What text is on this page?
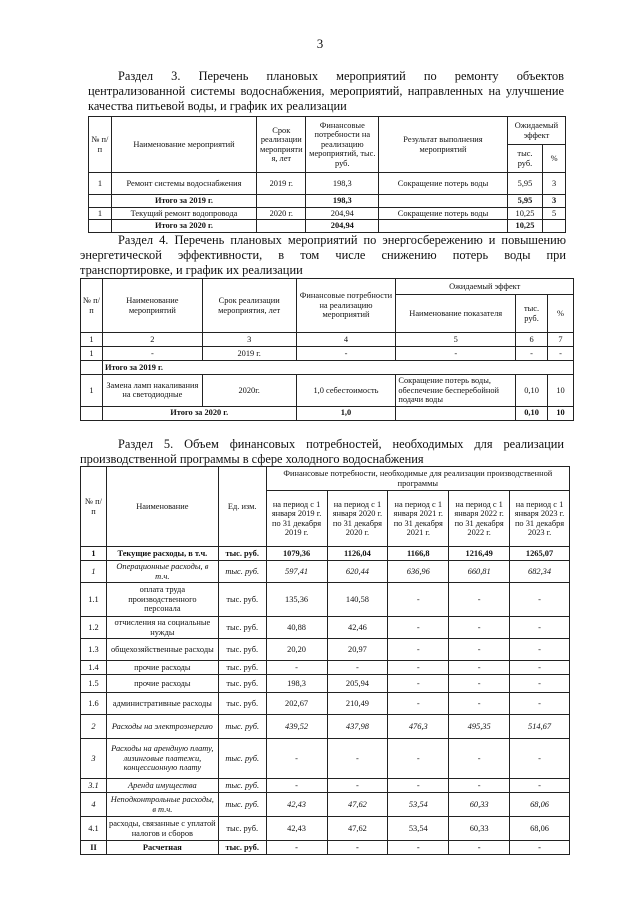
3
Раздел 3. Перечень плановых мероприятий по ремонту объектов
централизованной системы водоснабжения, мероприятий, направленных на улучшение
качества питьевой воды, и график их реализации
№ п/ п	Наименование мероприятий	Срок реализации мероприяти я, лет	Финансовые потребности на реализацию мероприятий, тыс. руб.	Результат выполнения мероприятий	Ожидаемый эффект	
					тыс. руб.	%
1	Ремонт системы водоснабжения	2019 г.	198,3	Сокращение потерь воды	5,95	3
	Итого за 2019 г.		198,3		5,95	3
1	Текущий ремонт водопровода	2020 г.	204,94	Сокращение потерь воды	10,25	5
	Итого за 2020 г.		204,94		10,25	
Раздел 4. Перечень плановых мероприятий по энергосбережению и повышению
энергетической эффективности, в том числе снижению потерь воды при
транспортировке, и график их реализации
№ п/п	Наименование мероприятий	Срок реализации мероприятия, лет	Финансовые потребности на реализацию мероприятий	Ожидаемый эффект		
				Наименование показателя	тыс. руб.	%
1	2	3	4	5	6	7
1	-	2019 г.	-	-	-	-
	Итого за 2019 г.					
1	Замена ламп накаливания на светодиодные	2020г.	1,0 себестоимость	Сокращение потерь воды, обеспечение бесперебойной подачи воды	0,10	10
	Итого за 2020 г.		1,0		0,10	10
Раздел 5. Объем финансовых потребностей, необходимых для реализации
производственной программы в сфере холодного водоснабжения
№ п/п	Наименование	Ед. изм.	Финансовые потребности, необходимые для реализации производственной программы				
			на период с 1 января 2019 г. по 31 декабря 2019 г.	на период с 1 января 2020 г. по 31 декабря 2020 г.	на период с 1 января 2021 г. по 31 декабря 2021 г.	на период с 1 января 2022 г. по 31 декабря 2022 г.	на период с 1 января 2023 г. по 31 декабря 2023 г.
1	Текущие расходы, в т.ч.	тыс. руб.	1079,36	1126,04	1166,8	1216,49	1265,07
1	Операционные расходы, в т.ч.	тыс. руб.	597,41	620,44	636,96	660,81	682,34
1.1	оплата труда производственного персонала	тыс. руб.	135,36	140,58	-	-	-
1.2	отчисления на социальные нужды	тыс. руб.	40,88	42,46	-	-	-
1.3	общехозяйственные расходы	тыс. руб.	20,20	20,97	-	-	-
1.4	прочие расходы	тыс. руб.	-	-	-	-	-
1.5	прочие расходы	тыс. руб.	198,3	205,94	-	-	-
1.6	административные расходы	тыс. руб.	202,67	210,49	-	-	-
2	Расходы на электроэнергию	тыс. руб.	439,52	437,98	476,3	495,35	514,67
3	Расходы на арендную плату, лизинговые платежи, концессионную плату	тыс. руб.	-	-	-	-	-
3.1	Аренда имущества	тыс. руб.	-	-	-	-	-
4	Неподконтрольные расходы, в т.ч.	тыс. руб.	42,43	47,62	53,54	60,33	68,06
4.1	расходы, связанные с уплатой налогов и сборов	тыс. руб.	42,43	47,62	53,54	60,33	68,06
II	Расчетная	тыс. руб.	-	-	-	-	-
